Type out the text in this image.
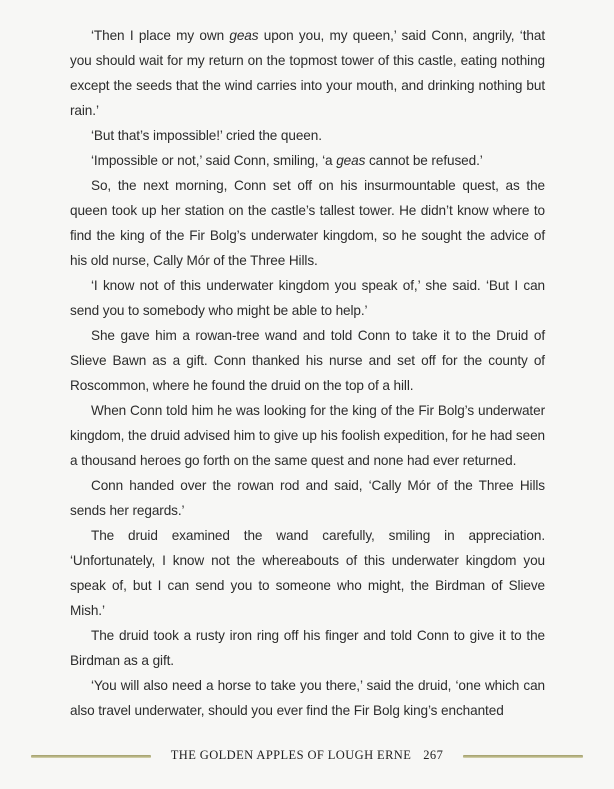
‘Then I place my own geas upon you, my queen,’ said Conn, angrily, ‘that you should wait for my return on the topmost tower of this castle, eating nothing except the seeds that the wind carries into your mouth, and drinking nothing but rain.’

‘But that’s impossible!’ cried the queen.

‘Impossible or not,’ said Conn, smiling, ‘a geas cannot be refused.’

So, the next morning, Conn set off on his insurmountable quest, as the queen took up her station on the castle’s tallest tower. He didn’t know where to find the king of the Fir Bolg’s underwater kingdom, so he sought the advice of his old nurse, Cally Mór of the Three Hills.

‘I know not of this underwater kingdom you speak of,’ she said. ‘But I can send you to somebody who might be able to help.’

She gave him a rowan-tree wand and told Conn to take it to the Druid of Slieve Bawn as a gift. Conn thanked his nurse and set off for the county of Roscommon, where he found the druid on the top of a hill.

When Conn told him he was looking for the king of the Fir Bolg’s underwater kingdom, the druid advised him to give up his foolish expedition, for he had seen a thousand heroes go forth on the same quest and none had ever returned.

Conn handed over the rowan rod and said, ‘Cally Mór of the Three Hills sends her regards.’

The druid examined the wand carefully, smiling in appreciation. ‘Unfortunately, I know not the whereabouts of this underwater kingdom you speak of, but I can send you to someone who might, the Birdman of Slieve Mish.’

The druid took a rusty iron ring off his finger and told Conn to give it to the Birdman as a gift.

‘You will also need a horse to take you there,’ said the druid, ‘one which can also travel underwater, should you ever find the Fir Bolg king’s enchanted

THE GOLDEN APPLES OF LOUGH ERNE 267
